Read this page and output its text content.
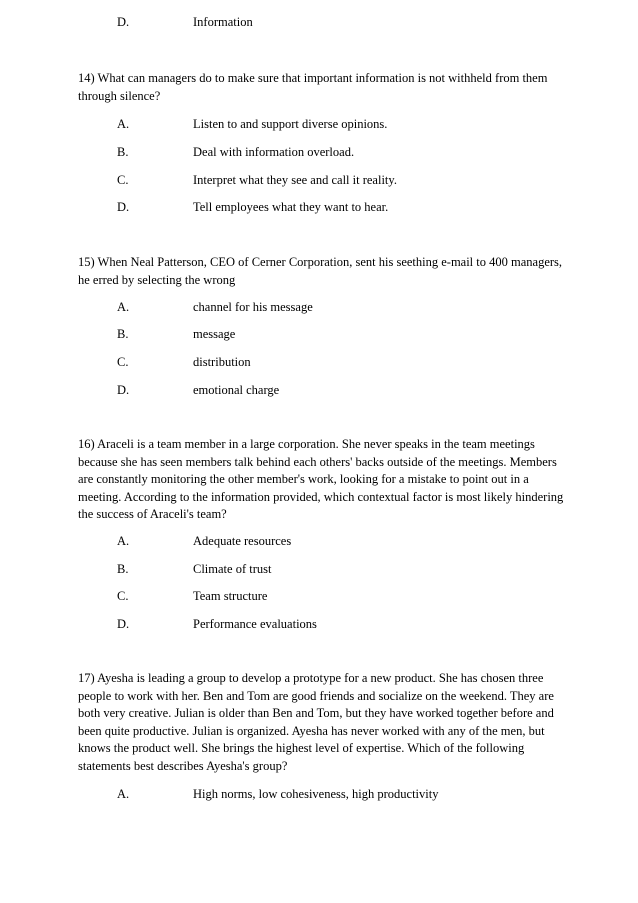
D.	Information

14) What can managers do to make sure that important information is not withheld from them through silence?

A.	Listen to and support diverse opinions.
B.	Deal with information overload.
C.	Interpret what they see and call it reality.
D.	Tell employees what they want to hear.

15) When Neal Patterson, CEO of Cerner Corporation, sent his seething e-mail to 400 managers, he erred by selecting the wrong

A.	channel for his message
B.	message
C.	distribution
D.	emotional charge

16) Araceli is a team member in a large corporation. She never speaks in the team meetings because she has seen members talk behind each others' backs outside of the meetings. Members are constantly monitoring the other member's work, looking for a mistake to point out in a meeting. According to the information provided, which contextual factor is most likely hindering the success of Araceli's team?

A.	Adequate resources
B.	Climate of trust
C.	Team structure
D.	Performance evaluations

17) Ayesha is leading a group to develop a prototype for a new product. She has chosen three people to work with her. Ben and Tom are good friends and socialize on the weekend. They are both very creative. Julian is older than Ben and Tom, but they have worked together before and been quite productive. Julian is organized. Ayesha has never worked with any of the men, but knows the product well. She brings the highest level of expertise. Which of the following statements best describes Ayesha's group?

A.	High norms, low cohesiveness, high productivity
